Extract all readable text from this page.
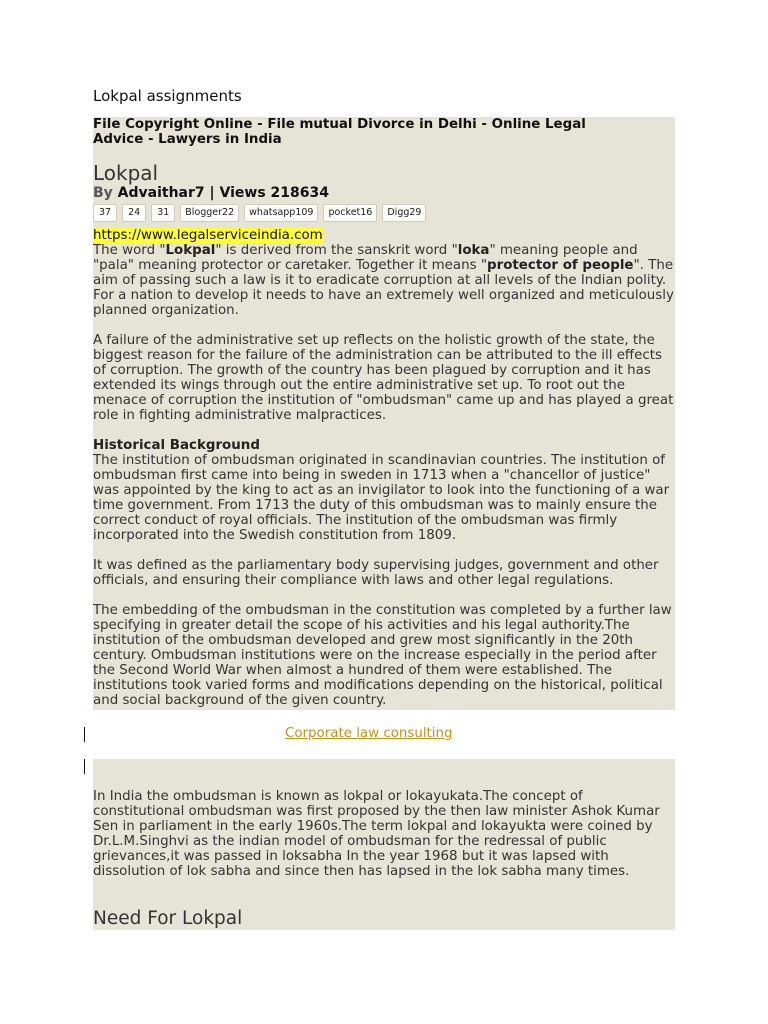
Lokpal assignments
File Copyright Online - File mutual Divorce in Delhi - Online Legal Advice - Lawyers in India
Lokpal
By Advaithar7 | Views 218634
37	24	31	Blogger22	whatsapp109	pocket16	Digg29
https://www.legalserviceindia.com

The word "Lokpal" is derived from the sanskrit word "loka" meaning people and "pala" meaning protector or caretaker. Together it means "protector of people". The aim of passing such a law is it to eradicate corruption at all levels of the Indian polity. For a nation to develop it needs to have an extremely well organized and meticulously planned organization.

A failure of the administrative set up reflects on the holistic growth of the state, the biggest reason for the failure of the administration can be attributed to the ill effects of corruption. The growth of the country has been plagued by corruption and it has extended its wings through out the entire administrative set up. To root out the menace of corruption the institution of "ombudsman" came up and has played a great role in fighting administrative malpractices.

Historical Background

The institution of ombudsman originated in scandinavian countries. The institution of ombudsman first came into being in sweden in 1713 when a "chancellor of justice" was appointed by the king to act as an invigilator to look into the functioning of a war time government. From 1713 the duty of this ombudsman was to mainly ensure the correct conduct of royal officials. The institution of the ombudsman was firmly incorporated into the Swedish constitution from 1809.

It was defined as the parliamentary body supervising judges, government and other officials, and ensuring their compliance with laws and other legal regulations.

The embedding of the ombudsman in the constitution was completed by a further law specifying in greater detail the scope of his activities and his legal authority.The institution of the ombudsman developed and grew most significantly in the 20th century. Ombudsman institutions were on the increase especially in the period after the Second World War when almost a hundred of them were established. The institutions took varied forms and modifications depending on the historical, political and social background of the given country.

Corporate law consulting

In India the ombudsman is known as lokpal or lokayukata.The concept of constitutional ombudsman was first proposed by the then law minister Ashok Kumar Sen in parliament in the early 1960s.The term lokpal and lokayukta were coined by Dr.L.M.Singhvi as the indian model of ombudsman for the redressal of public grievances,it was passed in loksabha In the year 1968 but it was lapsed with dissolution of lok sabha and since then has lapsed in the lok sabha many times.

Need For Lokpal
